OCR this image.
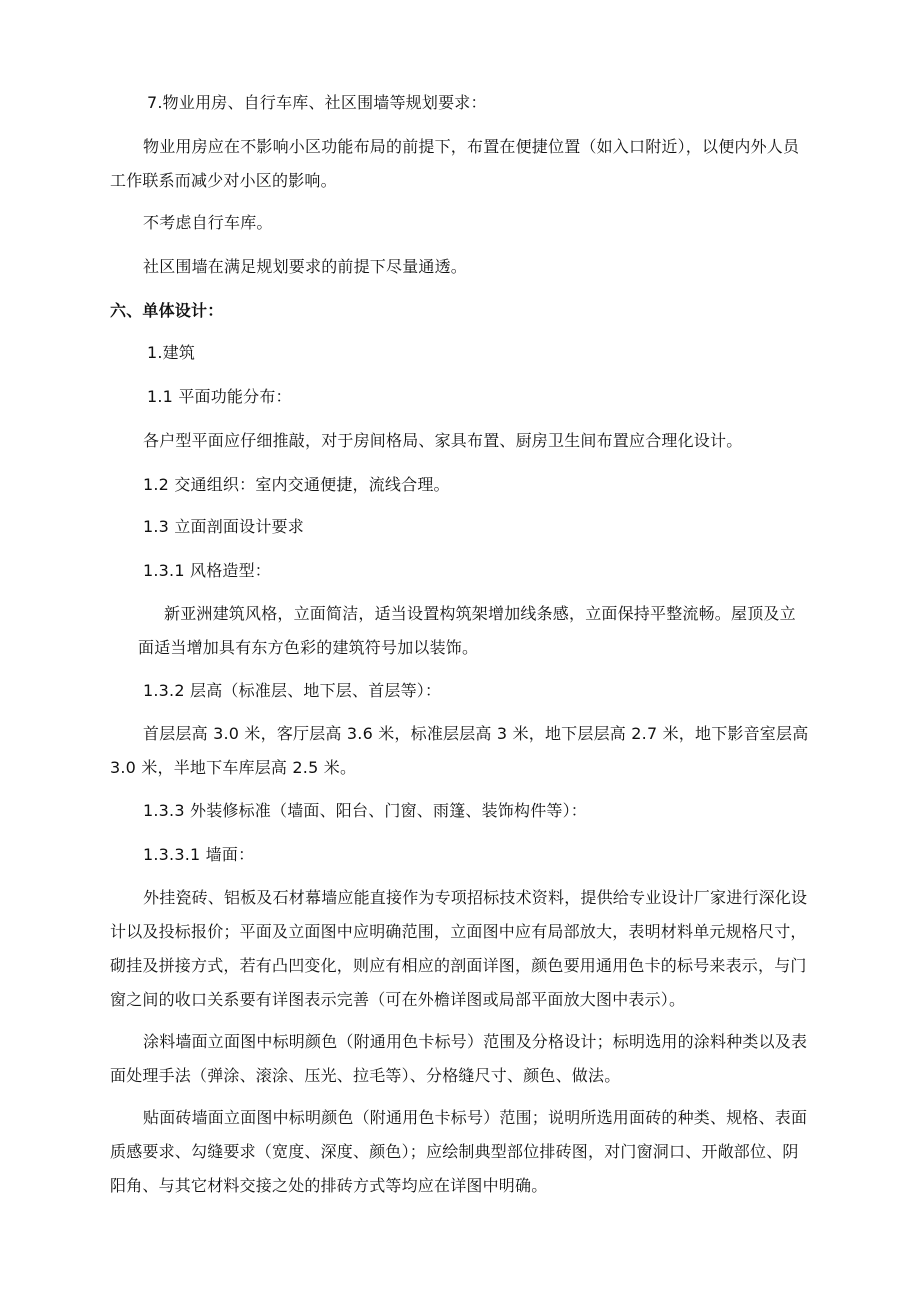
7.物业用房、自行车库、社区围墙等规划要求：
物业用房应在不影响小区功能布局的前提下，布置在便捷位置（如入口附近），以便内外人员
工作联系而减少对小区的影响。
不考虑自行车库。
社区围墙在满足规划要求的前提下尽量通透。
六、单体设计：
1.建筑
1.1 平面功能分布：
各户型平面应仔细推敲，对于房间格局、家具布置、厨房卫生间布置应合理化设计。
1.2 交通组织：室内交通便捷，流线合理。
1.3 立面剖面设计要求
1.3.1 风格造型：
新亚洲建筑风格，立面简洁，适当设置构筑架增加线条感，立面保持平整流畅。屋顶及立
面适当增加具有东方色彩的建筑符号加以装饰。
1.3.2 层高（标准层、地下层、首层等）：
首层层高 3.0 米，客厅层高 3.6 米，标准层层高 3 米，地下层层高 2.7 米，地下影音室层高
3.0 米，半地下车库层高 2.5 米。
1.3.3 外装修标准（墙面、阳台、门窗、雨篷、装饰构件等）：
1.3.3.1 墙面：
外挂瓷砖、铝板及石材幕墙应能直接作为专项招标技术资料，提供给专业设计厂家进行深化设
计以及投标报价；平面及立面图中应明确范围，立面图中应有局部放大，表明材料单元规格尺寸，
砌挂及拼接方式，若有凸凹变化，则应有相应的剖面详图，颜色要用通用色卡的标号来表示，与门
窗之间的收口关系要有详图表示完善（可在外檐详图或局部平面放大图中表示）。
涂料墙面立面图中标明颜色（附通用色卡标号）范围及分格设计；标明选用的涂料种类以及表
面处理手法（弹涂、滚涂、压光、拉毛等）、分格缝尺寸、颜色、做法。
贴面砖墙面立面图中标明颜色（附通用色卡标号）范围；说明所选用面砖的种类、规格、表面
质感要求、勾缝要求（宽度、深度、颜色）；应绘制典型部位排砖图，对门窗洞口、开敞部位、阴
阳角、与其它材料交接之处的排砖方式等均应在详图中明确。
